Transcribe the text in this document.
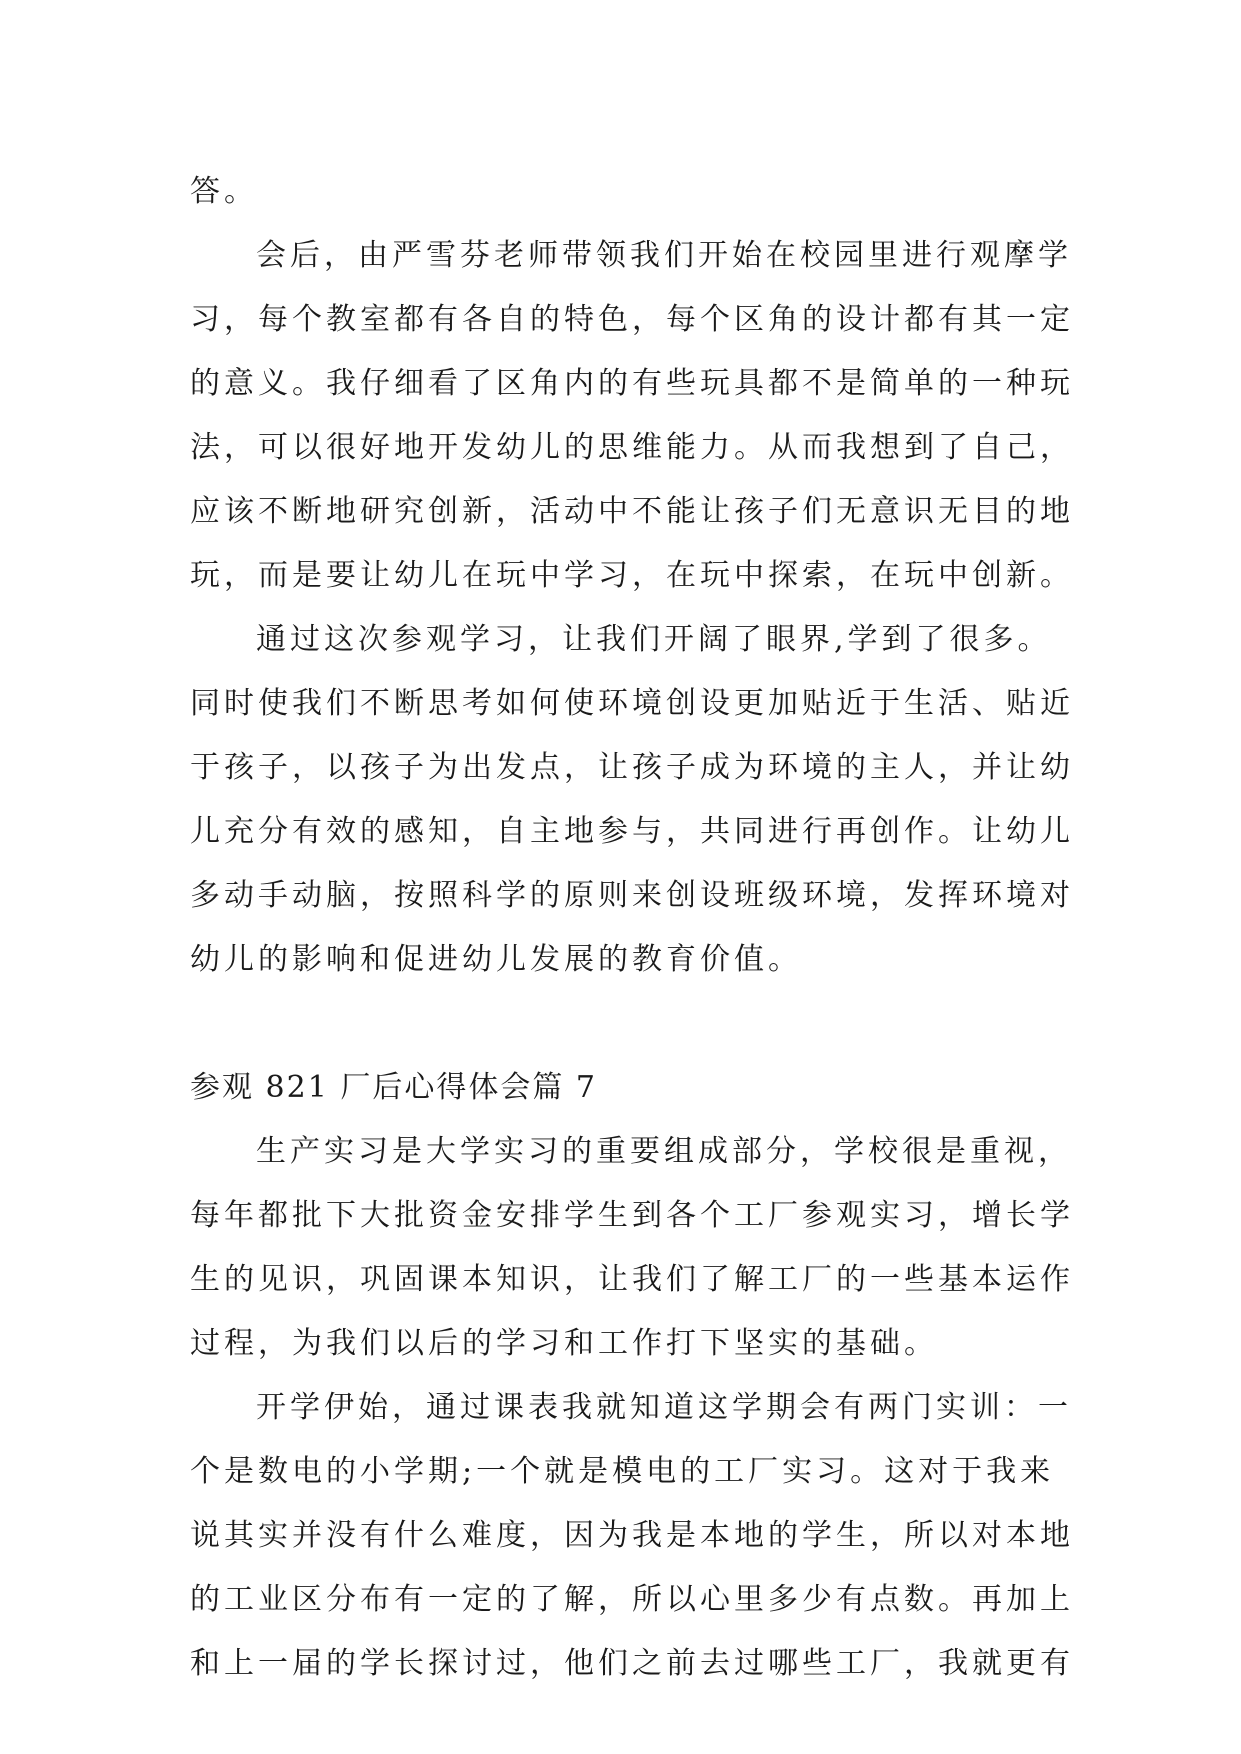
答。
会后，由严雪芬老师带领我们开始在校园里进行观摩学
习，每个教室都有各自的特色，每个区角的设计都有其一定
的意义。我仔细看了区角内的有些玩具都不是简单的一种玩
法，可以很好地开发幼儿的思维能力。从而我想到了自己，
应该不断地研究创新，活动中不能让孩子们无意识无目的地
玩，而是要让幼儿在玩中学习，在玩中探索，在玩中创新。
通过这次参观学习，让我们开阔了眼界,学到了很多。
同时使我们不断思考如何使环境创设更加贴近于生活、贴近
于孩子，以孩子为出发点，让孩子成为环境的主人，并让幼
儿充分有效的感知，自主地参与，共同进行再创作。让幼儿
多动手动脑，按照科学的原则来创设班级环境，发挥环境对
幼儿的影响和促进幼儿发展的教育价值。
参观 821 厂后心得体会篇 7
生产实习是大学实习的重要组成部分，学校很是重视，
每年都批下大批资金安排学生到各个工厂参观实习，增长学
生的见识，巩固课本知识，让我们了解工厂的一些基本运作
过程，为我们以后的学习和工作打下坚实的基础。
开学伊始，通过课表我就知道这学期会有两门实训：一
个是数电的小学期;一个就是模电的工厂实习。这对于我来
说其实并没有什么难度，因为我是本地的学生，所以对本地
的工业区分布有一定的了解，所以心里多少有点数。再加上
和上一届的学长探讨过，他们之前去过哪些工厂，我就更有
